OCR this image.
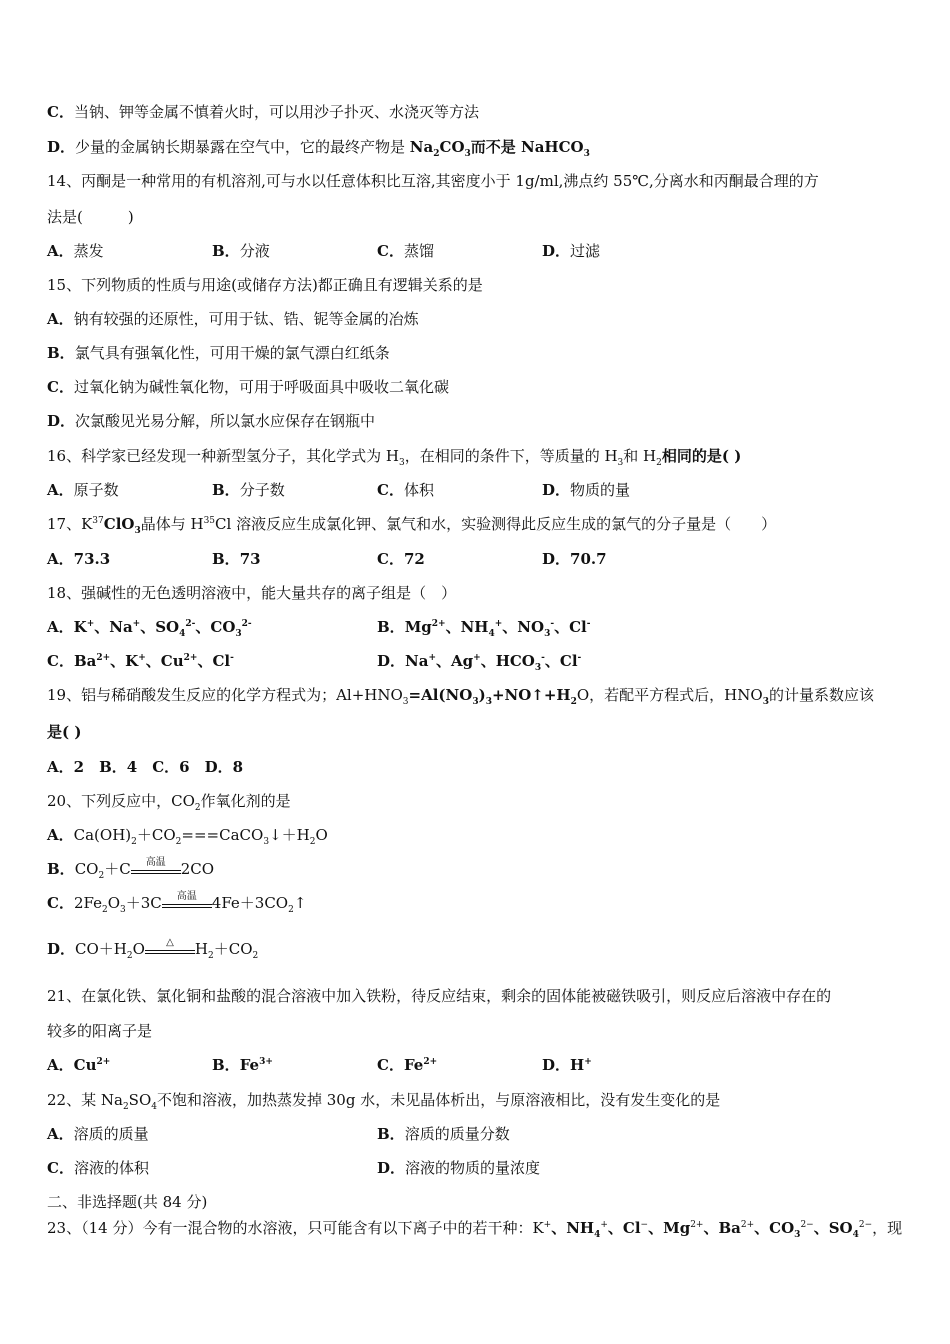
C．当钠、钾等金属不慎着火时，可以用沙子扑灭、水浇灭等方法
D．少量的金属钠长期暴露在空气中，它的最终产物是 $Na_2CO_3$而不是 NaHCO$_3$
14、丙酮是一种常用的有机溶剂,可与水以任意体积比互溶,其密度小于 1g/ml,沸点约 55℃,分离水和丙酮最合理的方
法是(　　　)
A．蒸发	B．分液	C．蒸馏	D．过滤
15、下列物质的性质与用途(或储存方法)都正确且有逻辑关系的是
A．钠有较强的还原性，可用于钛、锆、铌等金属的冶炼
B．氯气具有强氧化性，可用干燥的氯气漂白红纸条
C．过氧化钠为碱性氧化物，可用于呼吸面具中吸收二氧化碳
D．次氯酸见光易分解，所以氯水应保存在钢瓶中
16、科学家已经发现一种新型氢分子，其化学式为 $H_3$，在相同的条件下，等质量的 $H_3$和 $H_2$相同的是( )
A．原子数	B．分子数	C．体积	D．物质的量
17、$K^{37}ClO_3$晶体与 $H^{35}Cl$ 溶液反应生成氯化钾、氯气和水，实验测得此反应生成的氯气的分子量是（　　）
A．73.3	B．73	C．72	D．70.7
18、强碱性的无色透明溶液中，能大量共存的离子组是（　）
A．K+、Na+、$SO_4^{2-}$、$CO_3^{2-}$	B．$Mg^{2+}$、$NH_4^+$、$NO_3^-$、Cl-
C．$Ba^{2+}$、K+、$Cu^{2+}$、Cl-	D．Na+、Ag+、$HCO_3^-$、Cl-
19、铝与稀硝酸发生反应的化学方程式为；$Al+HNO_3=Al(NO_3)_3+NO↑+H_2O$，若配平方程式后，$HNO_3$的计量系数应该
是( )
A．2　B．4　C．6　D．8
20、下列反应中，$CO_2$作氧化剂的是
A．$Ca(OH)_2+CO_2===CaCO_3↓+H_2O$
B．$CO_2+C$	高温	2CO
C．$2Fe_2O_3+3C$	高温	$4Fe+3CO_2↑$
D．$CO+H_2O$	△	$H_2+CO_2$
21、在氯化铁、氯化铜和盐酸的混合溶液中加入铁粉，待反应结束，剩余的固体能被磁铁吸引，则反应后溶液中存在的
较多的阳离子是
A．$Cu^{2+}$	B．$Fe^{3+}$	C．$Fe^{2+}$	D．H+
22、某 $Na_2SO_4$不饱和溶液，加热蒸发掉 30g 水，未见晶体析出，与原溶液相比，没有发生变化的是
A．溶质的质量	B．溶质的质量分数
C．溶液的体积	D．溶液的物质的量浓度
二、非选择题(共 84 分)
23、（14 分）今有一混合物的水溶液，只可能含有以下离子中的若干种：K+、$NH_4^+$、Cl−、$Mg^{2+}$、$Ba^{2+}$、$CO_3^{2-}$、$SO_4^{2-}$，现
